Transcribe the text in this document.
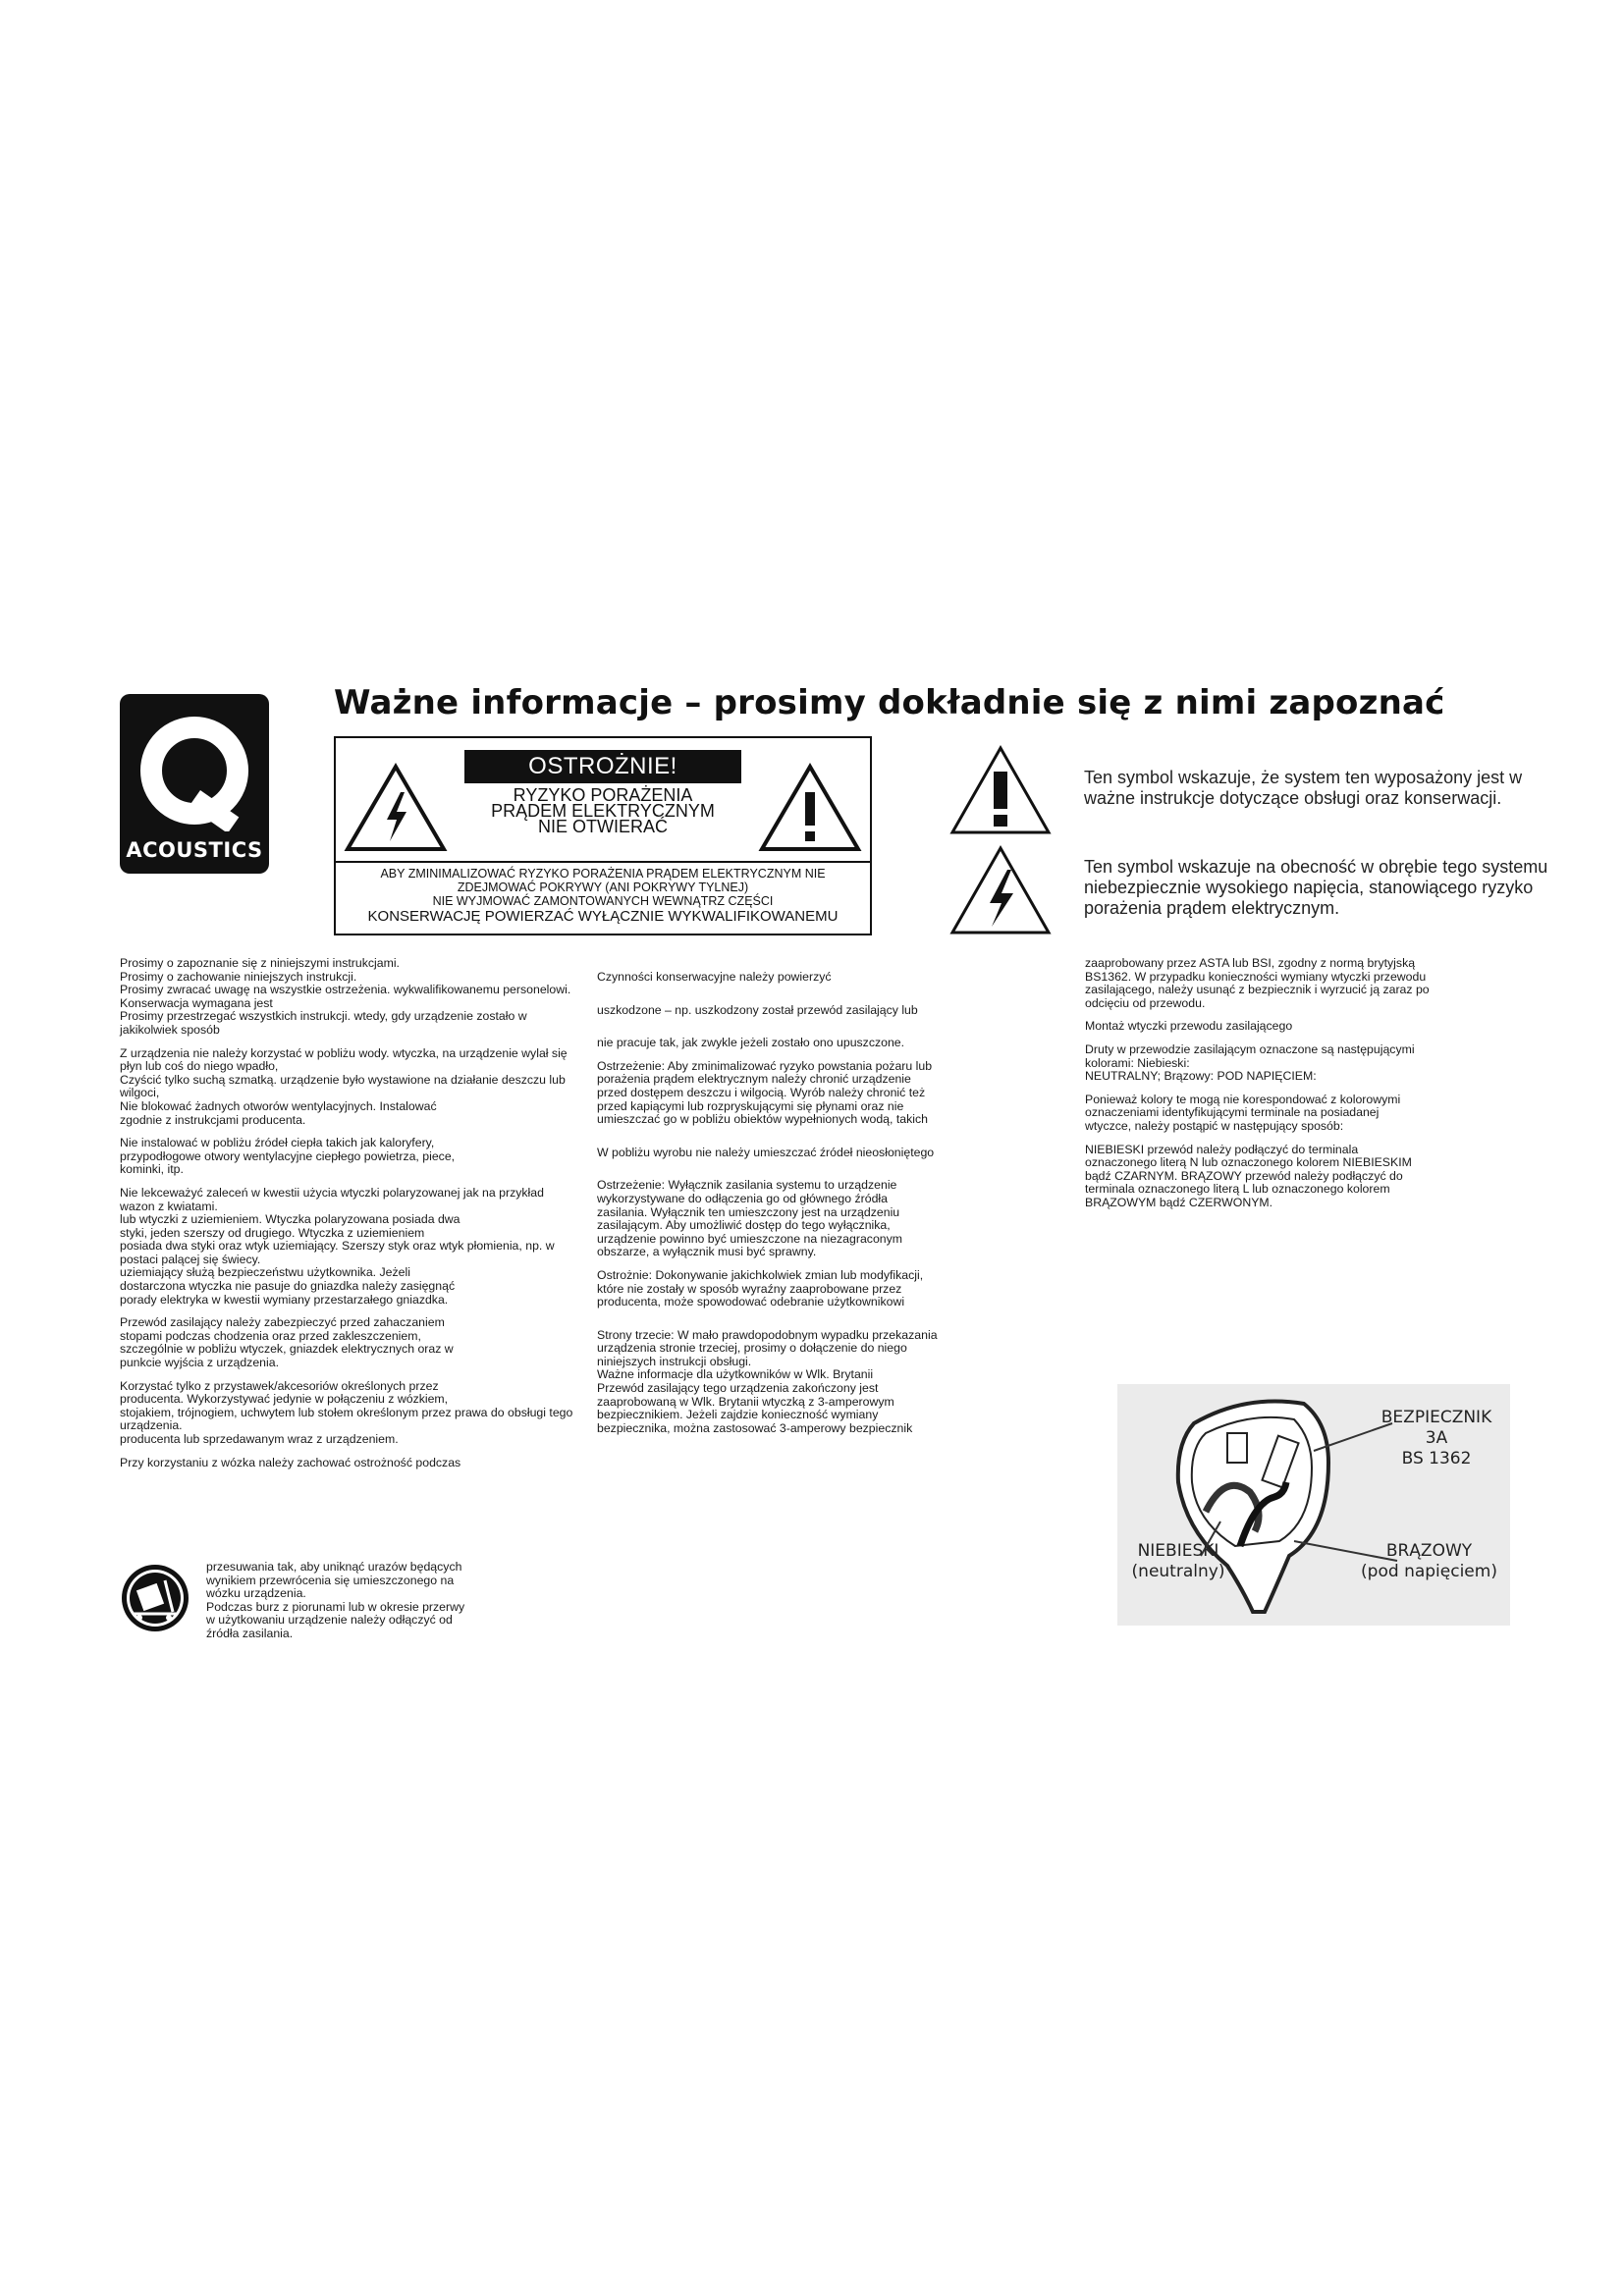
ACOUSTICS
Ważne informacje – prosimy dokładnie się z nimi zapoznać
OSTROŻNIE!
RYZYKO PORAŻENIA
PRĄDEM ELEKTRYCZNYM
NIE OTWIERAĆ
ABY ZMINIMALIZOWAĆ RYZYKO PORAŻENIA PRĄDEM ELEKTRYCZNYM NIE
ZDEJMOWAĆ POKRYWY (ANI POKRYWY TYLNEJ)
NIE WYJMOWAĆ ZAMONTOWANYCH WEWNĄTRZ CZĘŚCI
KONSERWACJĘ POWIERZAĆ WYŁĄCZNIE WYKWALIFIKOWANEMU
Ten symbol wskazuje, że system ten wyposażony jest w ważne instrukcje dotyczące obsługi oraz konserwacji.
Ten symbol wskazuje na obecność w obrębie tego systemu niebezpiecznie wysokiego napięcia, stanowiącego ryzyko porażenia prądem elektrycznym.

Prosimy o zapoznanie się z niniejszymi instrukcjami.

Prosimy o zachowanie niniejszych instrukcji.

Prosimy zwracać uwagę na wszystkie ostrzeżenia. wykwalifikowanemu personelowi. Konserwacja wymagana jest

Prosimy przestrzegać wszystkich instrukcji. wtedy, gdy urządzenie zostało w jakikolwiek sposób

Z urządzenia nie należy korzystać w pobliżu wody. wtyczka, na urządzenie wylał się płyn lub coś do niego wpadło,

Czyścić tylko suchą szmatką. urządzenie było wystawione na działanie deszczu lub wilgoci,

Nie blokować żadnych otworów wentylacyjnych. Instalować

zgodnie z instrukcjami producenta.

Nie instalować w pobliżu źródeł ciepła takich jak kaloryfery,

przypodłogowe otwory wentylacyjne ciepłego powietrza, piece,

kominki, itp.

Nie lekceważyć zaleceń w kwestii użycia wtyczki polaryzowanej jak na przykład wazon z kwiatami.

lub wtyczki z uziemieniem. Wtyczka polaryzowana posiada dwa

styki, jeden szerszy od drugiego. Wtyczka z uziemieniem

posiada dwa styki oraz wtyk uziemiający. Szerszy styk oraz wtyk płomienia, np. w postaci palącej się świecy.

uziemiający służą bezpieczeństwu użytkownika. Jeżeli

dostarczona wtyczka nie pasuje do gniazdka należy zasięgnąć

porady elektryka w kwestii wymiany przestarzałego gniazdka.

Przewód zasilający należy zabezpieczyć przed zahaczaniem

stopami podczas chodzenia oraz przed zakleszczeniem,

szczególnie w pobliżu wtyczek, gniazdek elektrycznych oraz w

punkcie wyjścia z urządzenia.

Korzystać tylko z przystawek/akcesoriów określonych przez

producenta. Wykorzystywać jedynie w połączeniu z wózkiem,

stojakiem, trójnogiem, uchwytem lub stołem określonym przez prawa do obsługi tego urządzenia.

producenta lub sprzedawanym wraz z urządzeniem.

Przy korzystaniu z wózka należy zachować ostrożność podczas

przesuwania tak, aby uniknąć urazów będących

wynikiem przewrócenia się umieszczonego na

wózku urządzenia.

Podczas burz z piorunami lub w okresie przerwy

w użytkowaniu urządzenie należy odłączyć od

źródła zasilania.

Czynności konserwacyjne należy powierzyć

uszkodzone – np. uszkodzony został przewód zasilający lub

nie pracuje tak, jak zwykle jeżeli zostało ono upuszczone.

Ostrzeżenie: Aby zminimalizować ryzyko powstania pożaru lub

porażenia prądem elektrycznym należy chronić urządzenie

przed dostępem deszczu i wilgocią. Wyrób należy chronić też

przed kapiącymi lub rozpryskującymi się płynami oraz nie

umieszczać go w pobliżu obiektów wypełnionych wodą, takich

W pobliżu wyrobu nie należy umieszczać źródeł nieosłoniętego

Ostrzeżenie: Wyłącznik zasilania systemu to urządzenie

wykorzystywane do odłączenia go od głównego źródła

zasilania. Wyłącznik ten umieszczony jest na urządzeniu

zasilającym. Aby umożliwić dostęp do tego wyłącznika,

urządzenie powinno być umieszczone na niezagraconym

obszarze, a wyłącznik musi być sprawny.

Ostrożnie: Dokonywanie jakichkolwiek zmian lub modyfikacji,

które nie zostały w sposób wyraźny zaaprobowane przez

producenta, może spowodować odebranie użytkownikowi

Strony trzecie: W mało prawdopodobnym wypadku przekazania

urządzenia stronie trzeciej, prosimy o dołączenie do niego

niniejszych instrukcji obsługi.

Ważne informacje dla użytkowników w Wlk. Brytanii

Przewód zasilający tego urządzenia zakończony jest

zaaprobowaną w Wlk. Brytanii wtyczką z 3-amperowym

bezpiecznikiem. Jeżeli zajdzie konieczność wymiany

bezpiecznika, można zastosować 3-amperowy bezpiecznik

zaaprobowany przez ASTA lub BSI, zgodny z normą brytyjską

BS1362. W przypadku konieczności wymiany wtyczki przewodu

zasilającego, należy usunąć z bezpiecznik i wyrzucić ją zaraz po

odcięciu od przewodu.

Montaż wtyczki przewodu zasilającego

Druty w przewodzie zasilającym oznaczone są następującymi

kolorami: Niebieski:

NEUTRALNY; Brązowy: POD NAPIĘCIEM:

Ponieważ kolory te mogą nie korespondować z kolorowymi

oznaczeniami identyfikującymi terminale na posiadanej

wtyczce, należy postąpić w następujący sposób:

NIEBIESKI przewód należy podłączyć do terminala

oznaczonego literą N lub oznaczonego kolorem NIEBIESKIM

bądź CZARNYM. BRĄZOWY przewód należy podłączyć do

terminala oznaczonego literą L lub oznaczonego kolorem

BRĄZOWYM bądź CZERWONYM.

BEZPIECZNIK
3A
BS 1362
NIEBIESKI
(neutralny)
BRĄZOWY
(pod napięciem)
